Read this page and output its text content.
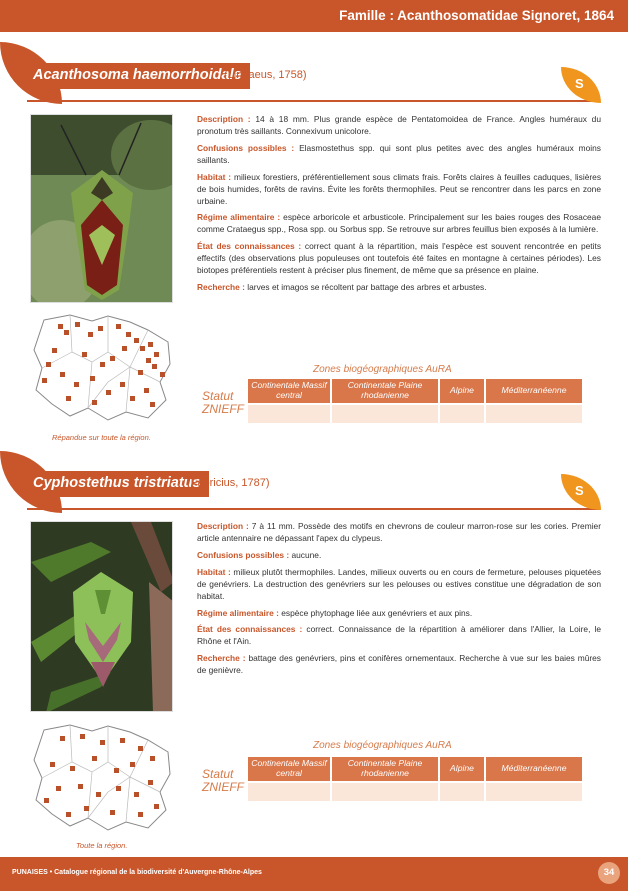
Famille : Acanthosomatidae Signoret, 1864
Acanthosoma haemorrhoidale
(Linnaeus, 1758)
S

Description : 14 à 18 mm. Plus grande espèce de Pentatomoidea de France. Angles huméraux du pronotum très saillants. Connexivum unicolore.

Confusions possibles : Elasmostethus spp. qui sont plus petites avec des angles huméraux moins saillants.

Habitat : milieux forestiers, préférentiellement sous climats frais. Forêts claires à feuilles caduques, lisières de bois humides, forêts de ravins. Évite les forêts thermophiles. Peut se rencontrer dans les parcs en zone urbaine.

Régime alimentaire : espèce arboricole et arbusticole. Principalement sur les baies rouges des Rosaceae comme Crataegus spp., Rosa spp. ou Sorbus spp. Se retrouve sur arbres feuillus bien exposés à la lumière.

État des connaissances : correct quant à la répartition, mais l'espèce est souvent rencontrée en petits effectifs (des observations plus populeuses ont toutefois été faites en montagne à certaines périodes). Les biotopes préférentiels restent à préciser plus finement, de même que sa présence en plaine.

Recherche : larves et imagos se récoltent par battage des arbres et arbustes.

Répandue sur toute la région.
Zones biogéographiques AuRA
Statut ZNIEFF
Continentale Massif central	Continentale Plaine rhodanienne	Alpine	Méditerranéenne

Cyphostethus tristriatus
(Fabricius, 1787)	S

Description : 7 à 11 mm. Possède des motifs en chevrons de couleur marron-rose sur les cories. Premier article antennaire ne dépassant l'apex du clypeus.

Confusions possibles : aucune.

Habitat : milieux plutôt thermophiles. Landes, milieux ouverts ou en cours de fermeture, pelouses piquetées de genévriers. La destruction des genévriers sur les pelouses ou estives constitue une dégradation de son habitat.

Régime alimentaire : espèce phytophage liée aux genévriers et aux pins.

État des connaissances : correct. Connaissance de la répartition à améliorer dans l'Allier, la Loire, le Rhône et l'Ain.

Recherche : battage des genévriers, pins et conifères ornementaux. Recherche à vue sur les baies mûres de genièvre.

Toute la région.
Zones biogéographiques AuRA
Statut ZNIEFF
Continentale Massif central	Continentale Plaine rhodanienne	Alpine	Méditerranéenne

PUNAISES • Catalogue régional de la biodiversité d'Auvergne-Rhône-Alpes	34
